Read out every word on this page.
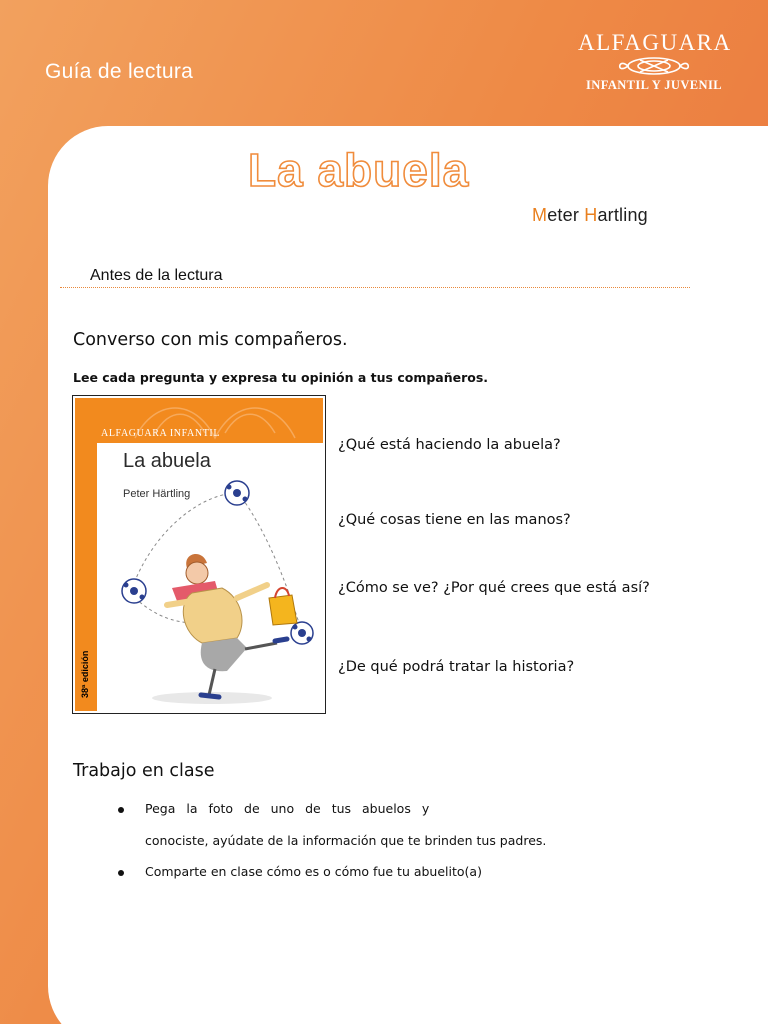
Guía de lectura
ALFAGUARA
INFANTIL Y JUVENIL
La abuela
Meter Hartling
Antes de la lectura
Converso con mis compañeros.
Lee cada pregunta y expresa tu opinión a tus compañeros.
ALFAGUARA INFANTIL
La abuela
Peter Härtling
38ª edición
¿Qué está haciendo la abuela?
¿Qué cosas tiene en las manos?
¿Cómo se ve? ¿Por qué crees que está así?
¿De qué podrá tratar la historia?
Trabajo en clase
Pega la foto de uno de tus abuelos y
conociste, ayúdate de la información que te brinden tus padres.
Comparte en clase cómo es o cómo fue tu abuelito(a)
